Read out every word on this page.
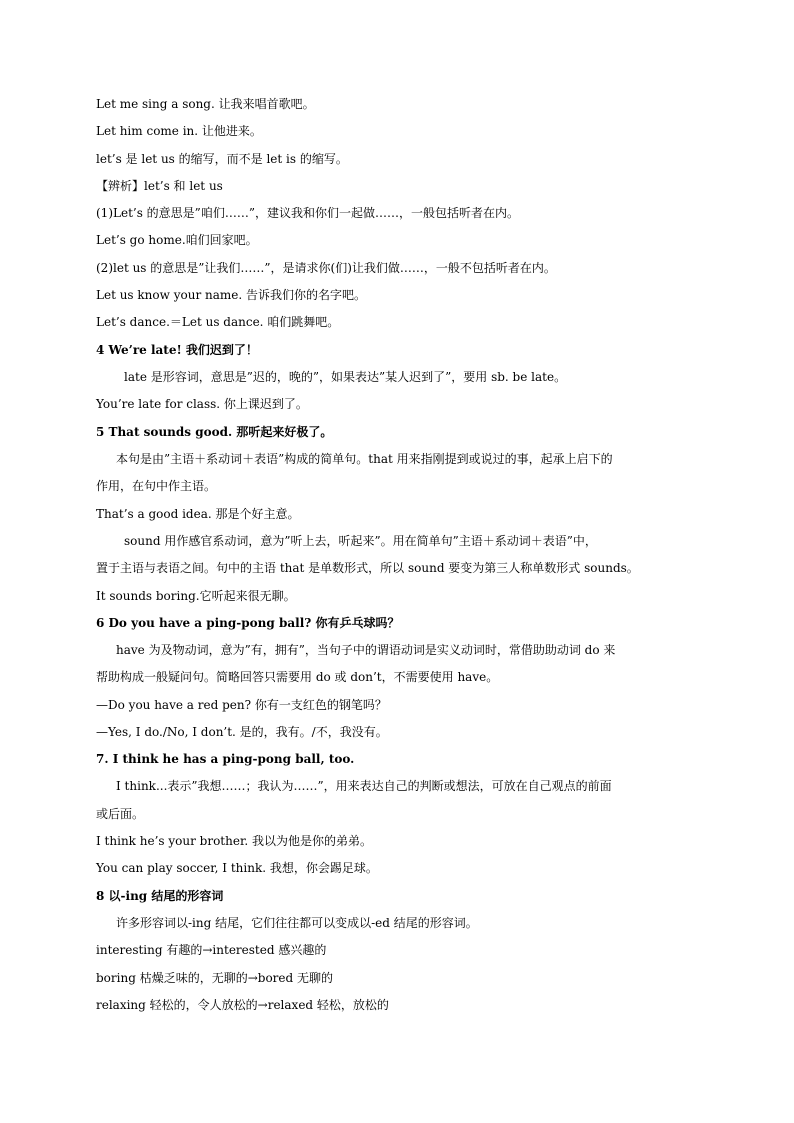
Let me sing a song. 让我来唱首歌吧。
Let him come in. 让他进来。
let’s 是 let us 的缩写，而不是 let is 的缩写。
【辨析】let’s 和 let us
(1)Let’s 的意思是”咱们……”，建议我和你们一起做……，一般包括听者在内。
Let’s go home.咱们回家吧。
(2)let us 的意思是”让我们……”，是请求你(们)让我们做……，一般不包括听者在内。
Let us know your name. 告诉我们你的名字吧。
Let’s dance.＝Let us dance. 咱们跳舞吧。
4 We’re late! 我们迟到了！
late 是形容词，意思是”迟的，晚的”，如果表达”某人迟到了”，要用 sb. be late。
You’re late for class. 你上课迟到了。
5 That sounds good. 那听起来好极了。
本句是由”主语＋系动词＋表语”构成的简单句。that 用来指刚提到或说过的事，起承上启下的
作用，在句中作主语。
That’s a good idea. 那是个好主意。
sound 用作感官系动词，意为”听上去，听起来”。用在简单句”主语＋系动词＋表语”中，
置于主语与表语之间。句中的主语 that 是单数形式，所以 sound 要变为第三人称单数形式 sounds。
It sounds boring.它听起来很无聊。
6 Do you have a ping-pong ball? 你有乒乓球吗？
have 为及物动词，意为”有，拥有”，当句子中的谓语动词是实义动词时，常借助助动词 do 来
帮助构成一般疑问句。简略回答只需要用 do 或 don’t，不需要使用 have。
—Do you have a red pen? 你有一支红色的钢笔吗？
—Yes, I do./No, I don’t. 是的，我有。/不，我没有。
7. I think he has a ping-pong ball, too.
I think...表示”我想……；我认为……”，用来表达自己的判断或想法，可放在自己观点的前面
或后面。
I think he’s your brother. 我以为他是你的弟弟。
You can play soccer, I think. 我想，你会踢足球。
8 以-ing 结尾的形容词
许多形容词以-ing 结尾，它们往往都可以变成以-ed 结尾的形容词。
interesting 有趣的→interested 感兴趣的
boring 枯燥乏味的，无聊的→bored 无聊的
relaxing 轻松的，令人放松的→relaxed 轻松，放松的
